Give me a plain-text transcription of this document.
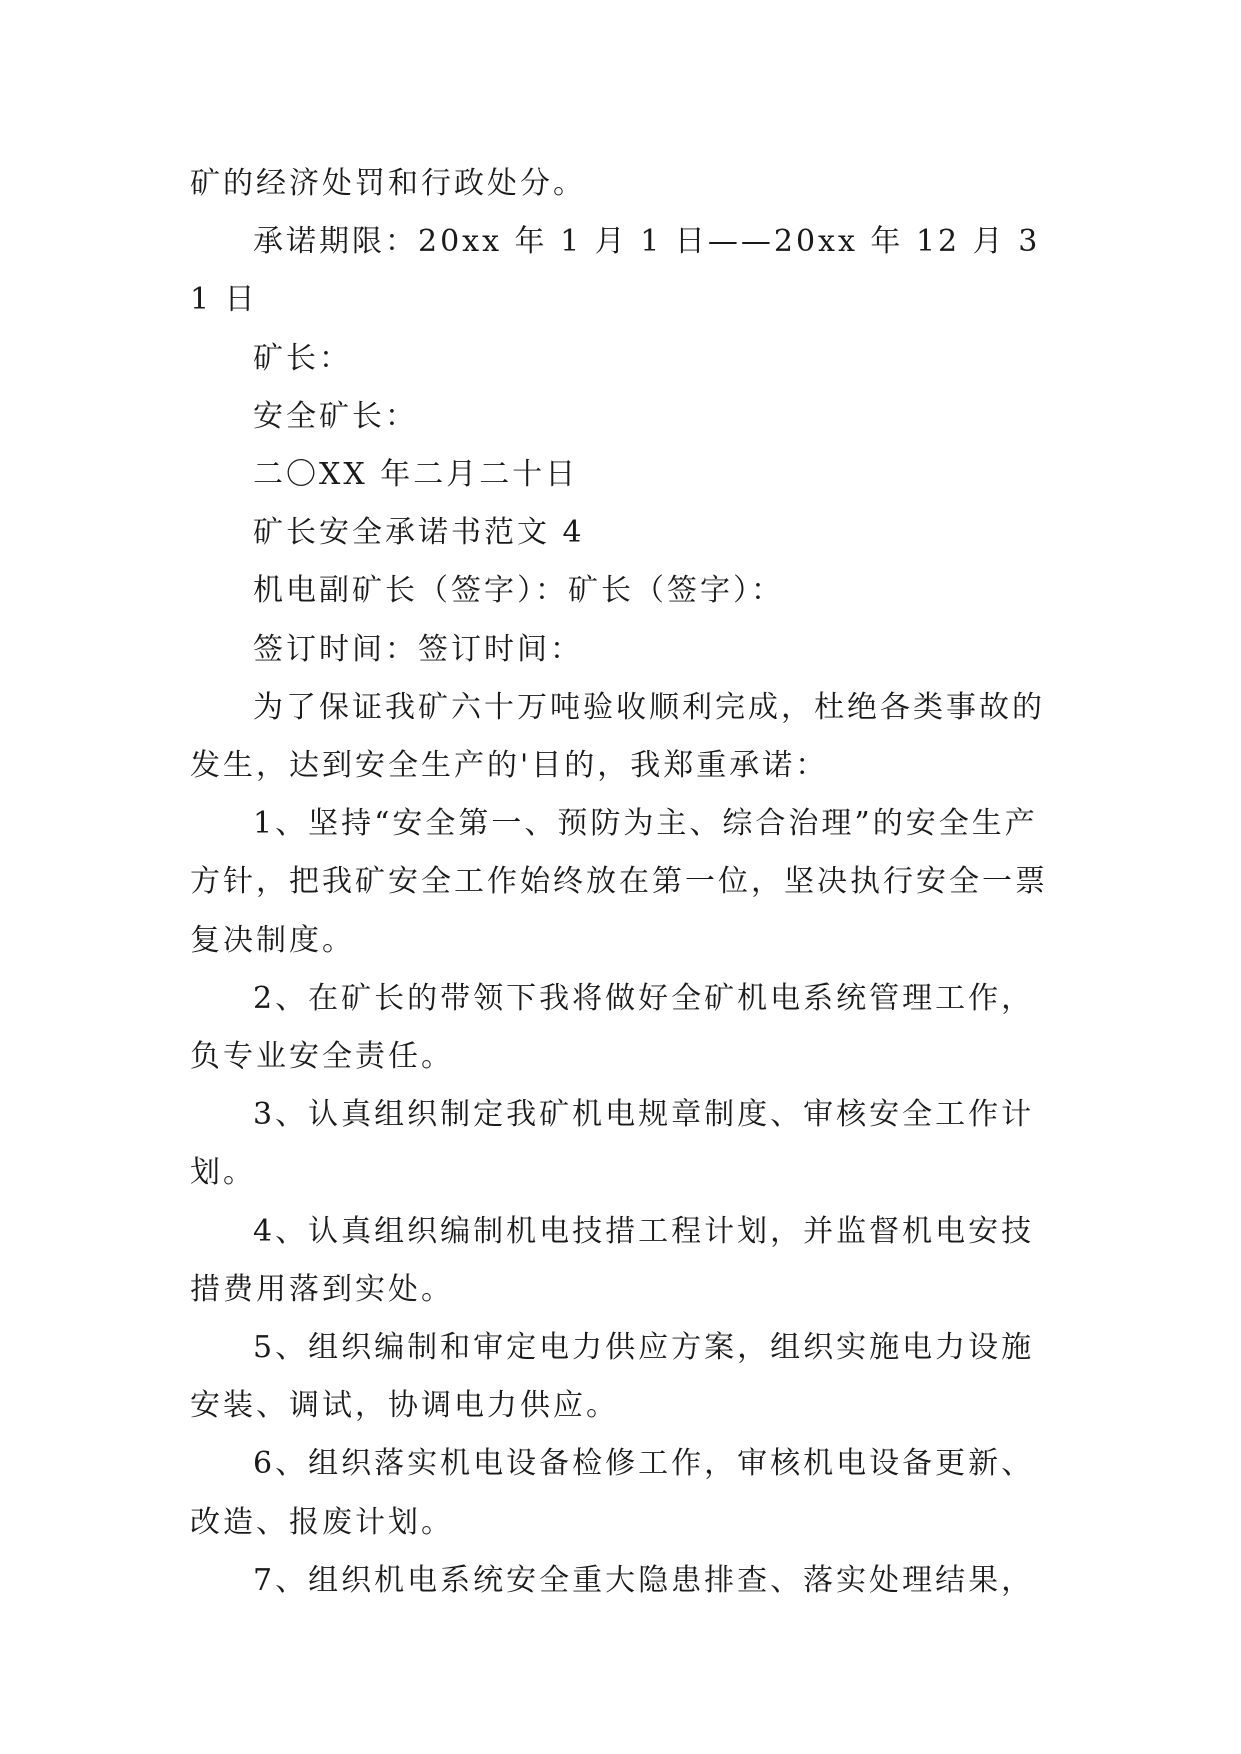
矿的经济处罚和行政处分。

承诺期限：20xx 年 1 月 1 日——20xx 年 12 月 31 日

矿长：

安全矿长：

二〇XX 年二月二十日

矿长安全承诺书范文 4

机电副矿长（签字）：矿长（签字）：

签订时间：签订时间：

为了保证我矿六十万吨验收顺利完成，杜绝各类事故的发生，达到安全生产的'目的，我郑重承诺：

1、坚持“安全第一、预防为主、综合治理”的安全生产方针，把我矿安全工作始终放在第一位，坚决执行安全一票复决制度。

2、在矿长的带领下我将做好全矿机电系统管理工作，负专业安全责任。

3、认真组织制定我矿机电规章制度、审核安全工作计划。

4、认真组织编制机电技措工程计划，并监督机电安技措费用落到实处。

5、组织编制和审定电力供应方案，组织实施电力设施安装、调试，协调电力供应。

6、组织落实机电设备检修工作，审核机电设备更新、改造、报废计划。

7、组织机电系统安全重大隐患排查、落实处理结果，
